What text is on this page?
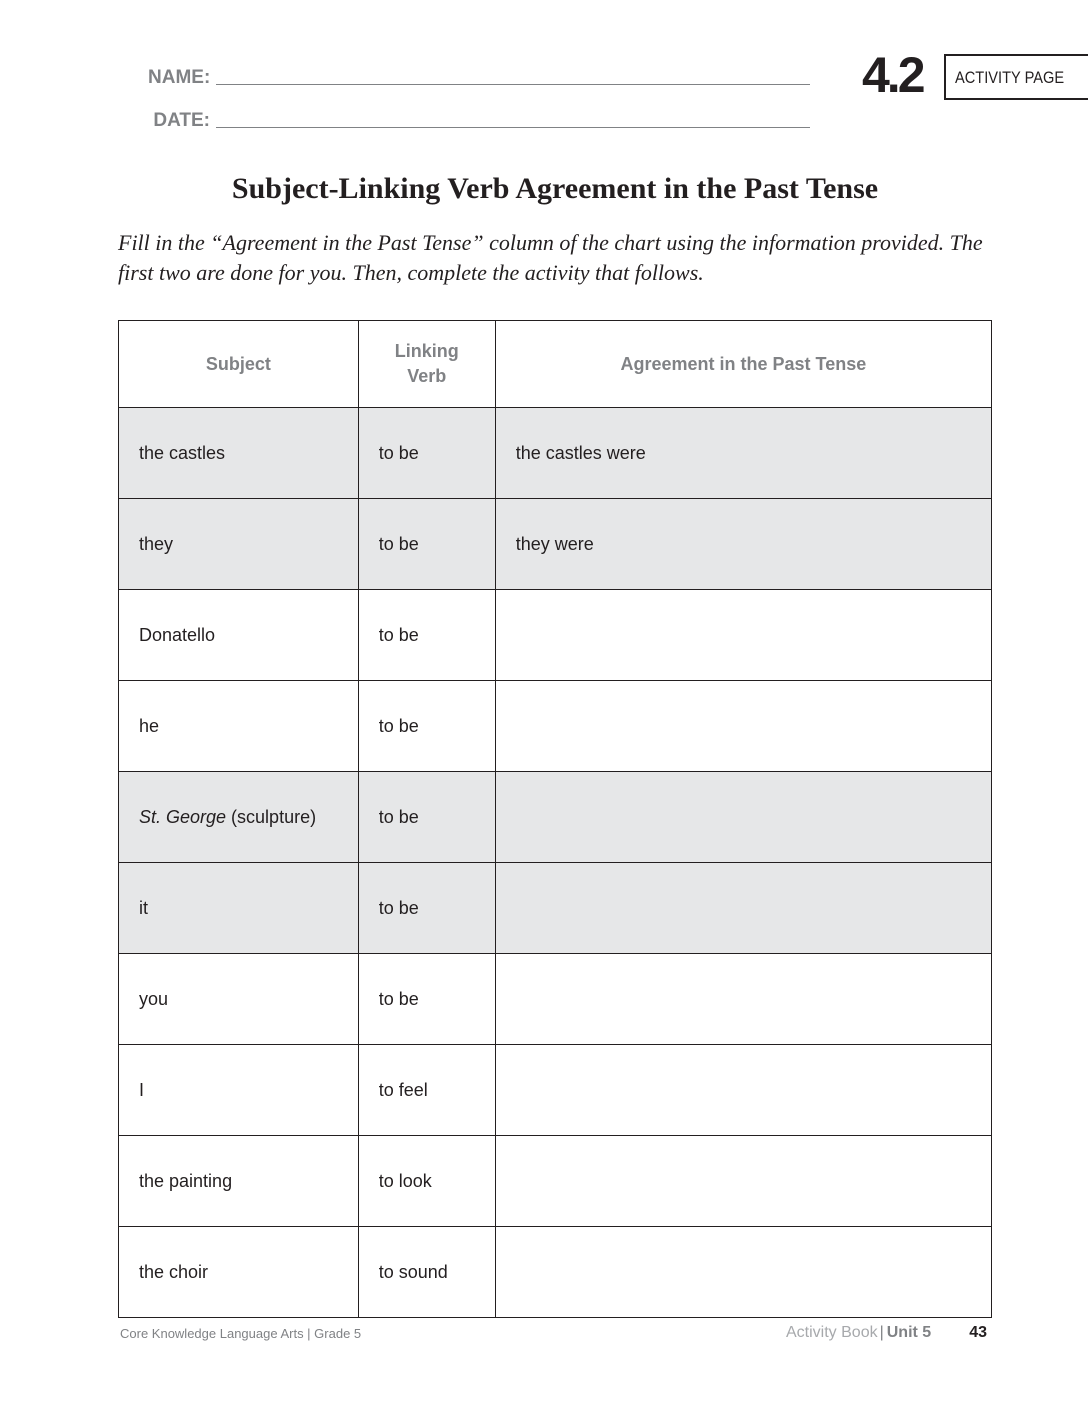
NAME:
DATE:
4.2	ACTIVITY PAGE
Subject-Linking Verb Agreement in the Past Tense
Fill in the “Agreement in the Past Tense” column of the chart using the information provided. The first two are done for you. Then, complete the activity that follows.
Subject	Linking Verb	Agreement in the Past Tense
the castles	to be	the castles were
they	to be	they were
Donatello	to be	
he	to be	
St. George (sculpture)	to be	
it	to be	
you	to be	
I	to feel	
the painting	to look	
the choir	to sound	
Core Knowledge Language Arts | Grade 5	Activity Book | Unit 5 43
